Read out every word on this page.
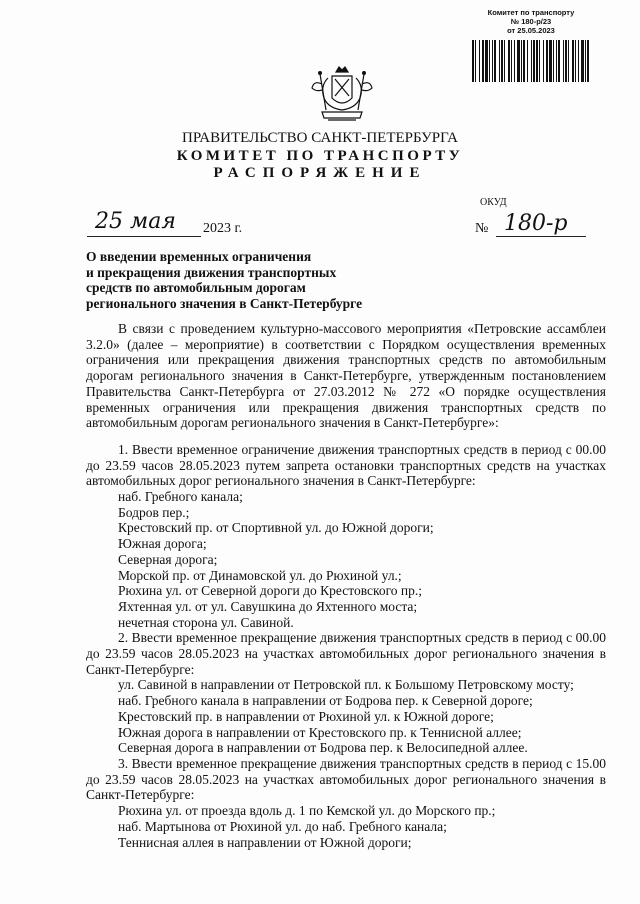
Комитет по транспорту
№ 180-р/23
от 25.05.2023
ПРАВИТЕЛЬСТВО САНКТ-ПЕТЕРБУРГА
КОМИТЕТ ПО ТРАНСПОРТУ
РАСПОРЯЖЕНИЕ
ОКУД
25 мая 2023 г.	№ 180-р
О введении временных ограничения
и прекращения движения транспортных
средств по автомобильным дорогам
регионального значения в Санкт-Петербурге
В связи с проведением культурно-массового мероприятия «Петровские ассамблеи 3.2.0» (далее – мероприятие) в соответствии с Порядком осуществления временных ограничения или прекращения движения транспортных средств по автомобильным дорогам регионального значения в Санкт-Петербурге, утвержденным постановлением Правительства Санкт-Петербурга от 27.03.2012 № 272 «О порядке осуществления временных ограничения или прекращения движения транспортных средств по автомобильным дорогам регионального значения в Санкт-Петербурге»:
1. Ввести временное ограничение движения транспортных средств в период с 00.00 до 23.59 часов 28.05.2023 путем запрета остановки транспортных средств на участках автомобильных дорог регионального значения в Санкт-Петербурге:
наб. Гребного канала;
Бодров пер.;
Крестовский пр. от Спортивной ул. до Южной дороги;
Южная дорога;
Северная дорога;
Морской пр. от Динамовской ул. до Рюхиной ул.;
Рюхина ул. от Северной дороги до Крестовского пр.;
Яхтенная ул. от ул. Савушкина до Яхтенного моста;
нечетная сторона ул. Савиной.
2. Ввести временное прекращение движения транспортных средств в период с 00.00 до 23.59 часов 28.05.2023 на участках автомобильных дорог регионального значения в Санкт-Петербурге:
ул. Савиной в направлении от Петровской пл. к Большому Петровскому мосту;
наб. Гребного канала в направлении от Бодрова пер. к Северной дороге;
Крестовский пр. в направлении от Рюхиной ул. к Южной дороге;
Южная дорога в направлении от Крестовского пр. к Теннисной аллее;
Северная дорога в направлении от Бодрова пер. к Велосипедной аллее.
3. Ввести временное прекращение движения транспортных средств в период с 15.00 до 23.59 часов 28.05.2023 на участках автомобильных дорог регионального значения в Санкт-Петербурге:
Рюхина ул. от проезда вдоль д. 1 по Кемской ул. до Морского пр.;
наб. Мартынова от Рюхиной ул. до наб. Гребного канала;
Теннисная аллея в направлении от Южной дороги;
